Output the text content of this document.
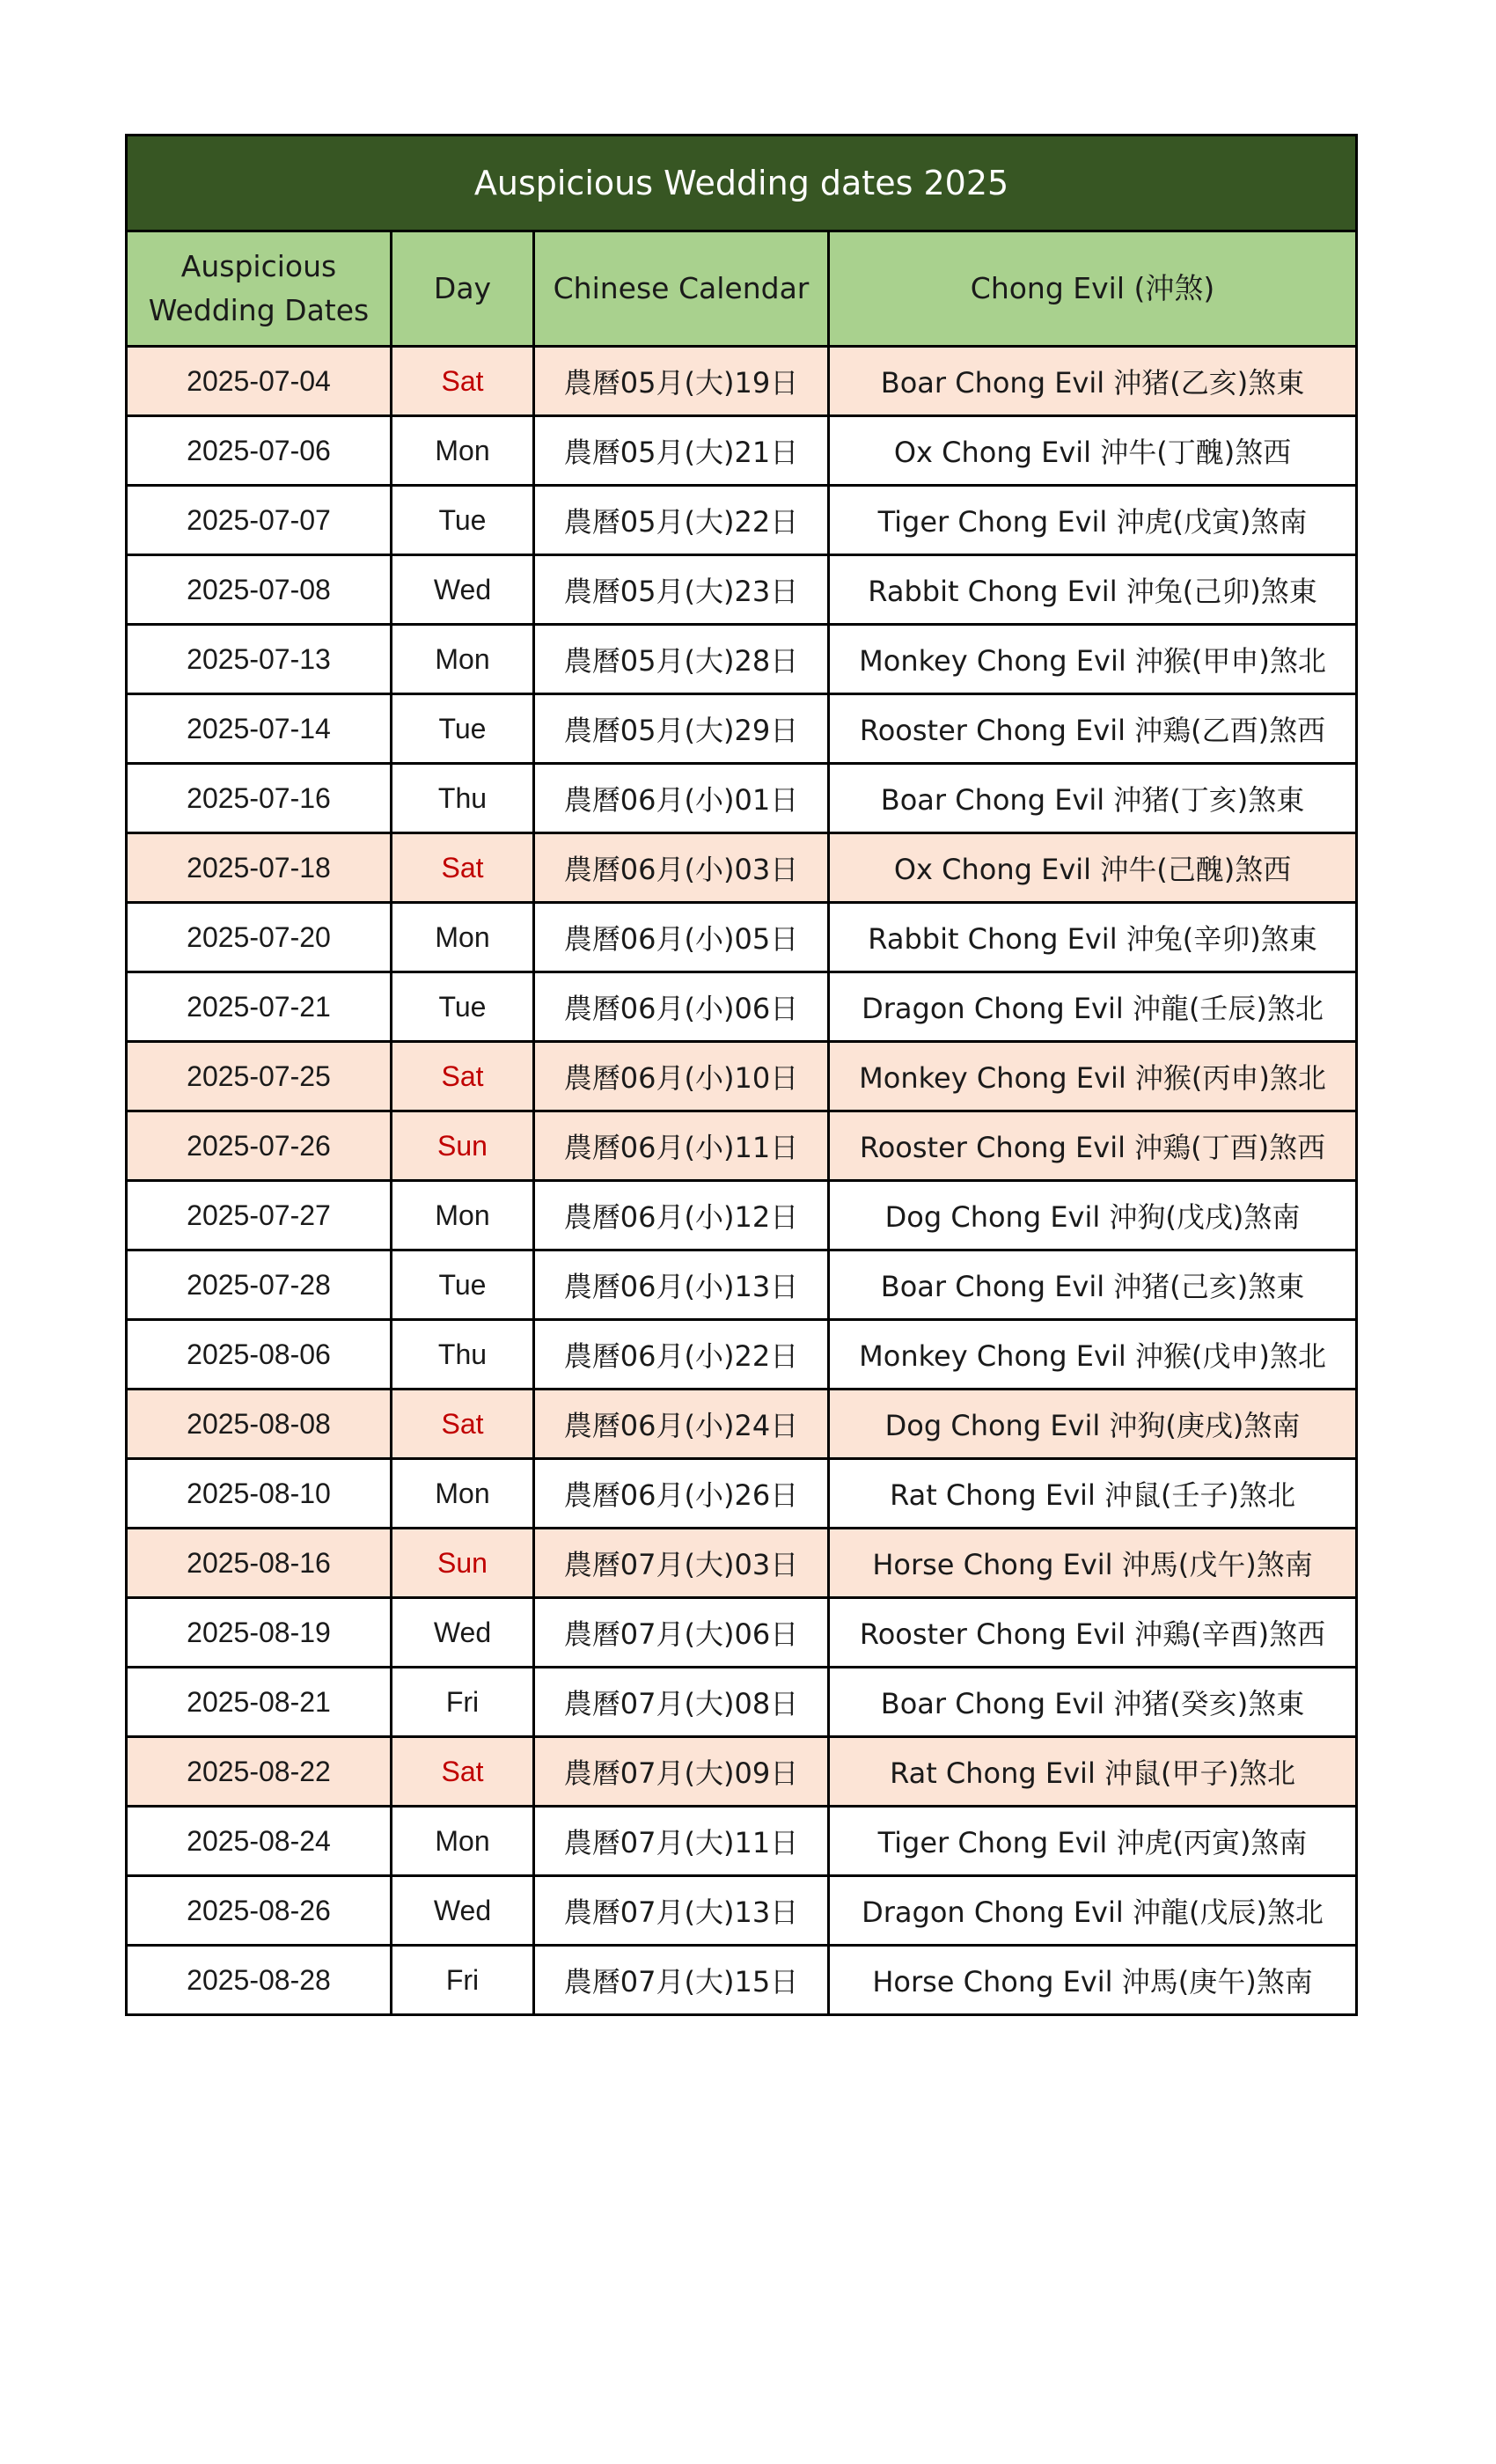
Auspicious Wedding dates 2025			
Auspicious
Wedding Dates	Day	Chinese Calendar	Chong Evil (沖煞)
2025-07-04	Sat	農曆05月(大)19日	Boar Chong Evil 沖猪(乙亥)煞東
2025-07-06	Mon	農曆05月(大)21日	Ox Chong Evil 沖牛(丁醜)煞西
2025-07-07	Tue	農曆05月(大)22日	Tiger Chong Evil 沖虎(戊寅)煞南
2025-07-08	Wed	農曆05月(大)23日	Rabbit Chong Evil 沖兔(己卯)煞東
2025-07-13	Mon	農曆05月(大)28日	Monkey Chong Evil 沖猴(甲申)煞北
2025-07-14	Tue	農曆05月(大)29日	Rooster Chong Evil 沖鶏(乙酉)煞西
2025-07-16	Thu	農曆06月(小)01日	Boar Chong Evil 沖猪(丁亥)煞東
2025-07-18	Sat	農曆06月(小)03日	Ox Chong Evil 沖牛(己醜)煞西
2025-07-20	Mon	農曆06月(小)05日	Rabbit Chong Evil 沖兔(辛卯)煞東
2025-07-21	Tue	農曆06月(小)06日	Dragon Chong Evil 沖龍(壬辰)煞北
2025-07-25	Sat	農曆06月(小)10日	Monkey Chong Evil 沖猴(丙申)煞北
2025-07-26	Sun	農曆06月(小)11日	Rooster Chong Evil 沖鶏(丁酉)煞西
2025-07-27	Mon	農曆06月(小)12日	Dog Chong Evil 沖狗(戊戌)煞南
2025-07-28	Tue	農曆06月(小)13日	Boar Chong Evil 沖猪(己亥)煞東
2025-08-06	Thu	農曆06月(小)22日	Monkey Chong Evil 沖猴(戊申)煞北
2025-08-08	Sat	農曆06月(小)24日	Dog Chong Evil 沖狗(庚戌)煞南
2025-08-10	Mon	農曆06月(小)26日	Rat Chong Evil 沖鼠(壬子)煞北
2025-08-16	Sun	農曆07月(大)03日	Horse Chong Evil 沖馬(戊午)煞南
2025-08-19	Wed	農曆07月(大)06日	Rooster Chong Evil 沖鶏(辛酉)煞西
2025-08-21	Fri	農曆07月(大)08日	Boar Chong Evil 沖猪(癸亥)煞東
2025-08-22	Sat	農曆07月(大)09日	Rat Chong Evil 沖鼠(甲子)煞北
2025-08-24	Mon	農曆07月(大)11日	Tiger Chong Evil 沖虎(丙寅)煞南
2025-08-26	Wed	農曆07月(大)13日	Dragon Chong Evil 沖龍(戊辰)煞北
2025-08-28	Fri	農曆07月(大)15日	Horse Chong Evil 沖馬(庚午)煞南
